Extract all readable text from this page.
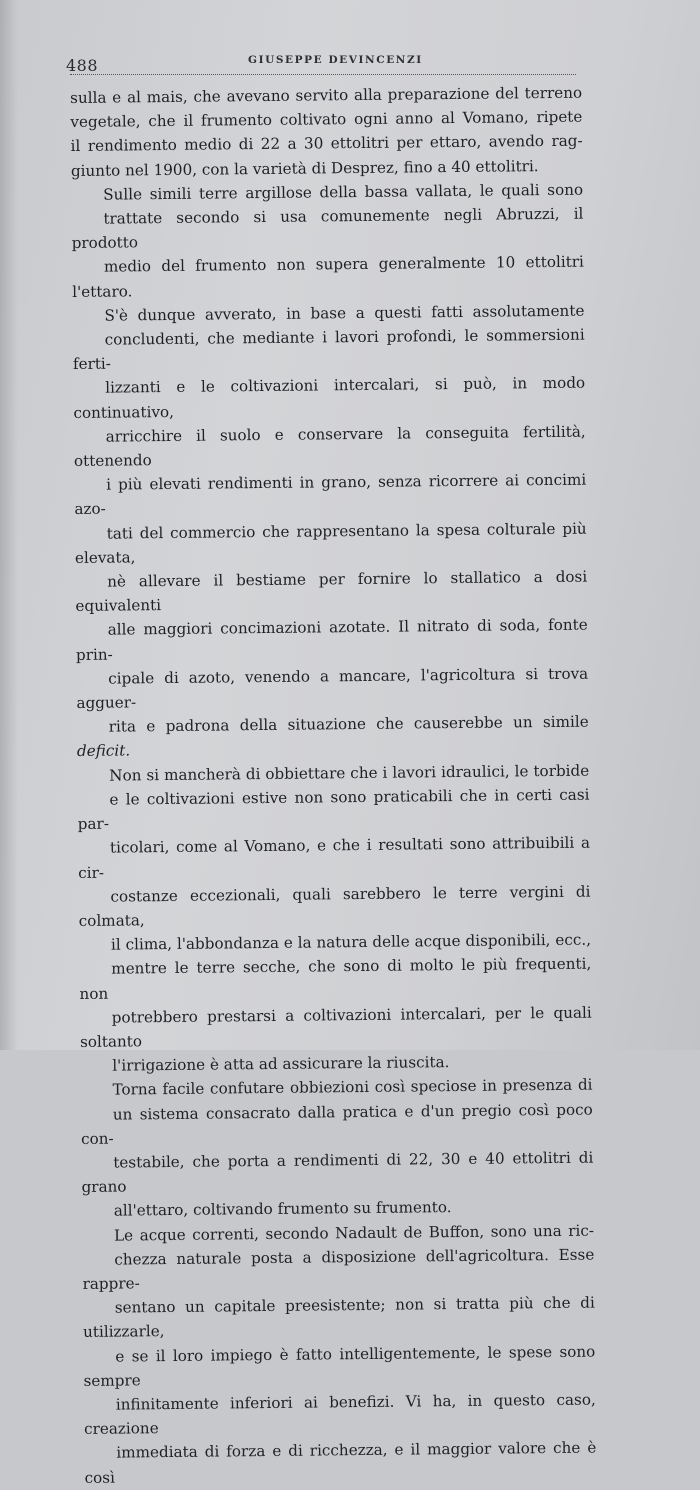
488	GIUSEPPE DEVINCENZI

sulla e al mais, che avevano servito alla preparazione del terreno
vegetale, che il frumento coltivato ogni anno al Vomano, ripete
il rendimento medio di 22 a 30 ettolitri per ettaro, avendo rag-
giunto nel 1900, con la varietà di Desprez, fino a 40 ettolitri.

Sulle simili terre argillose della bassa vallata, le quali sono
trattate secondo si usa comunemente negli Abruzzi, il prodotto
medio del frumento non supera generalmente 10 ettolitri l'ettaro.

S'è dunque avverato, in base a questi fatti assolutamente
concludenti, che mediante i lavori profondi, le sommersioni ferti-
lizzanti e le coltivazioni intercalari, si può, in modo continuativo,
arricchire il suolo e conservare la conseguita fertilità, ottenendo
i più elevati rendimenti in grano, senza ricorrere ai concimi azo-
tati del commercio che rappresentano la spesa colturale più elevata,
nè allevare il bestiame per fornire lo stallatico a dosi equivalenti
alle maggiori concimazioni azotate. Il nitrato di soda, fonte prin-
cipale di azoto, venendo a mancare, l'agricoltura si trova agguer-
rita e padrona della situazione che causerebbe un simile deficit.

Non si mancherà di obbiettare che i lavori idraulici, le torbide
e le coltivazioni estive non sono praticabili che in certi casi par-
ticolari, come al Vomano, e che i resultati sono attribuibili a cir-
costanze eccezionali, quali sarebbero le terre vergini di colmata,
il clima, l'abbondanza e la natura delle acque disponibili, ecc.,
mentre le terre secche, che sono di molto le più frequenti, non
potrebbero prestarsi a coltivazioni intercalari, per le quali soltanto
l'irrigazione è atta ad assicurare la riuscita.

Torna facile confutare obbiezioni così speciose in presenza di
un sistema consacrato dalla pratica e d'un pregio così poco con-
testabile, che porta a rendimenti di 22, 30 e 40 ettolitri di grano
all'ettaro, coltivando frumento su frumento.

Le acque correnti, secondo Nadault de Buffon, sono una ric-
chezza naturale posta a disposizione dell'agricoltura. Esse rappre-
sentano un capitale preesistente; non si tratta più che di utilizzarle,
e se il loro impiego è fatto intelligentemente, le spese sono sempre
infinitamente inferiori ai benefizi. Vi ha, in questo caso, creazione
immediata di forza e di ricchezza, e il maggior valore che è così
